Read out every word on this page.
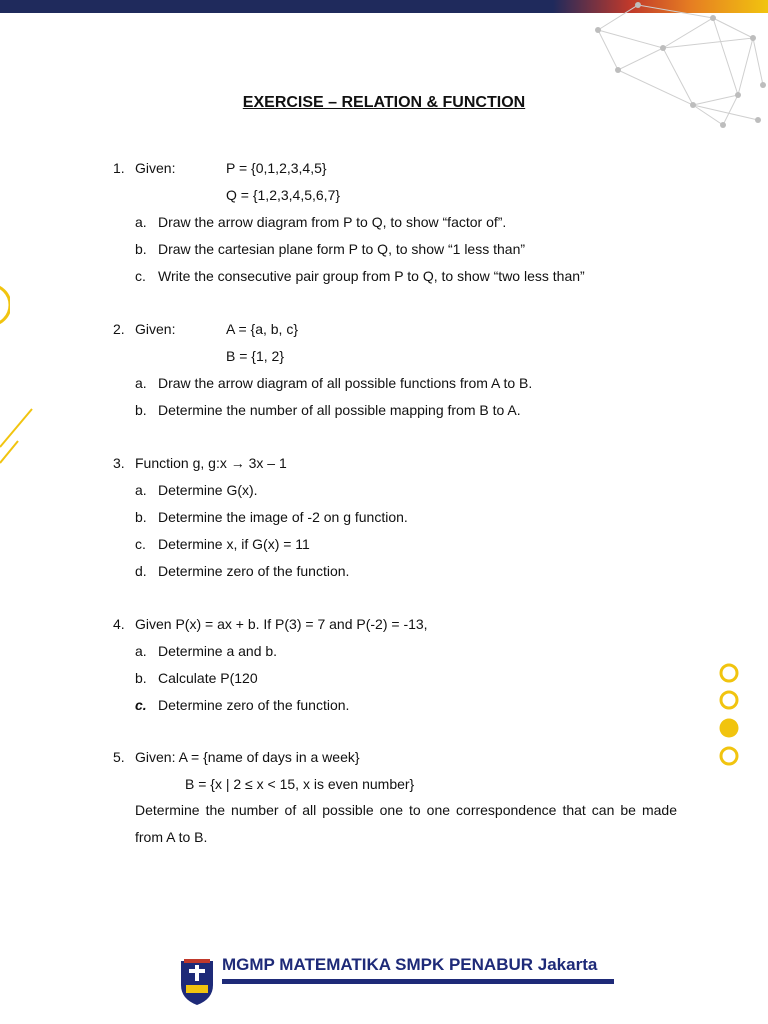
EXERCISE – RELATION & FUNCTION
1. Given:	P = {0,1,2,3,4,5}
Q = {1,2,3,4,5,6,7}
a. Draw the arrow diagram from P to Q, to show “factor of”.
b. Draw the cartesian plane form P to Q, to show “1 less than”
c. Write the consecutive pair group from P to Q, to show “two less than”
2. Given:	A = {a, b, c}
B = {1, 2}
a. Draw the arrow diagram of all possible functions from A to B.
b. Determine the number of all possible mapping from B to A.
3. Function g, g:x → 3x – 1
a. Determine G(x).
b. Determine the image of -2 on g function.
c. Determine x, if G(x) = 11
d. Determine zero of the function.
4. Given P(x) = ax + b. If P(3) = 7 and P(-2) = -13,
a. Determine a and b.
b. Calculate P(120
c. Determine zero of the function.
5. Given: A = {name of days in a week}
B = {x | 2 ≤ x < 15, x is even number}
Determine the number of all possible one to one correspondence that can be made from A to B.
MGMP MATEMATIKA SMPK PENABUR Jakarta
